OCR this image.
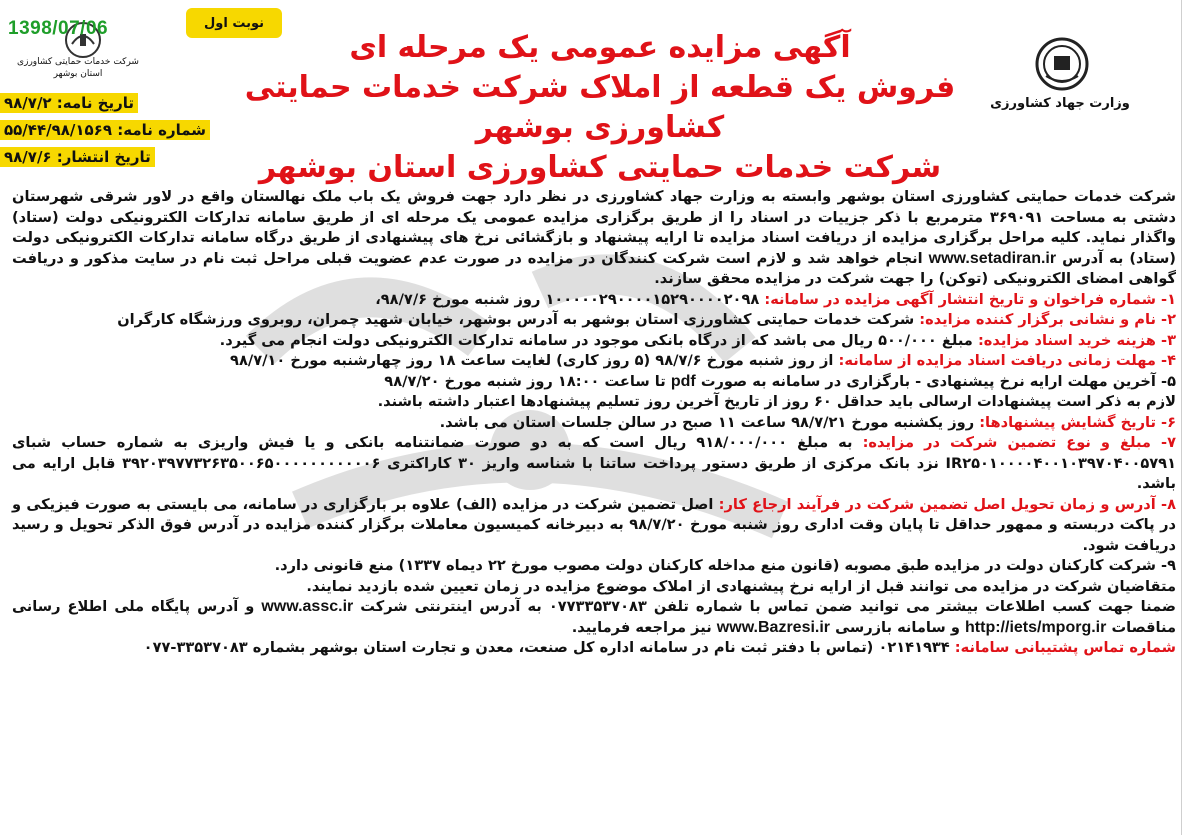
1398/07/06
شرکت خدمات حمایتی کشاورزی استان بوشهر
نوبت اول
تاریخ نامه: ۹۸/۷/۲
شماره نامه: ۵۵/۴۴/۹۸/۱۵۶۹
تاریخ انتشار: ۹۸/۷/۶
آگهی مزایده عمومی یک مرحله ای
فروش یک قطعه از املاک شرکت خدمات حمایتی کشاورزی بوشهر
شرکت خدمات حمایتی کشاورزی استان بوشهر
وزارت جهاد کشاورزی

شرکت خدمات حمایتی کشاورزی استان بوشهر وابسته به وزارت جهاد کشاورزی در نظر دارد جهت فروش یک باب ملک نهالستان واقع در لاور شرقی شهرستان دشتی به مساحت ۳۶۹۰۹۱ مترمربع با ذکر جزییات در اسناد را از طریق برگزاری مزایده عمومی یک مرحله ای از طریق سامانه تدارکات الکترونیکی دولت (ستاد) واگذار نماید. کلیه مراحل برگزاری مزایده از دریافت اسناد مزایده تا ارایه پیشنهاد و بازگشائی نرخ های پیشنهادی از طریق درگاه سامانه تدارکات الکترونیکی دولت (ستاد) به آدرس www.setadiran.ir انجام خواهد شد و لازم است شرکت کنندگان در مزایده در صورت عدم عضویت قبلی مراحل ثبت نام در سایت مذکور و دریافت گواهی امضای الکترونیکی (توکن) را جهت شرکت در مزایده محقق سازند.

۱- شماره فراخوان و تاریخ انتشار آگهی مزایده در سامانه: ۱۰۰۰۰۰۲۹۰۰۰۰۱۵۲۹۰۰۰۰۲۰۹۸ روز شنبه مورخ ۹۸/۷/۶،

۲- نام و نشانی برگزار کننده مزایده: شرکت خدمات حمایتی کشاورزی استان بوشهر به آدرس بوشهر، خیابان شهید چمران، روبروی ورزشگاه کارگران

۳- هزینه خرید اسناد مزایده: مبلغ ۵۰۰/۰۰۰ ریال می باشد که از درگاه بانکی موجود در سامانه تدارکات الکترونیکی دولت انجام می گیرد.

۴- مهلت زمانی دریافت اسناد مزایده از سامانه: از روز شنبه مورخ ۹۸/۷/۶ (۵ روز کاری) لغایت ساعت ۱۸ روز چهارشنبه مورخ ۹۸/۷/۱۰

۵- آخرین مهلت ارایه نرخ پیشنهادی - بارگزاری در سامانه به صورت pdf تا ساعت ۱۸:۰۰ روز شنبه مورخ ۹۸/۷/۲۰

لازم به ذکر است پیشنهادات ارسالی باید حداقل ۶۰ روز از تاریخ آخرین روز تسلیم پیشنهادها اعتبار داشته باشند.

۶- تاریخ گشایش پیشنهادها: روز یکشنبه مورخ ۹۸/۷/۲۱ ساعت ۱۱ صبح در سالن جلسات استان می باشد.

۷- مبلغ و نوع تضمین شرکت در مزایده: به مبلغ ۹۱۸/۰۰۰/۰۰۰ ریال است که به دو صورت ضمانتنامه بانکی و یا فیش واریزی به شماره حساب شبای IR۲۵۰۱۰۰۰۰۴۰۰۱۰۳۹۷۰۴۰۰۵۷۹۱ نزد بانک مرکزی از طریق دستور پرداخت ساتنا با شناسه واریز ۳۰ کاراکتری ۳۹۲۰۳۹۷۷۳۲۶۳۵۰۰۶۵۰۰۰۰۰۰۰۰۰۰۰۶ قابل ارایه می باشد.

۸- آدرس و زمان تحویل اصل تضمین شرکت در فرآیند ارجاع کار: اصل تضمین شرکت در مزایده (الف) علاوه بر بارگزاری در سامانه، می بایستی به صورت فیزیکی و در پاکت دربسته و ممهور حداقل تا پایان وقت اداری روز شنبه مورخ ۹۸/۷/۲۰ به دبیرخانه کمیسیون معاملات برگزار کننده مزایده در آدرس فوق الذکر تحویل و رسید دریافت شود.

۹- شرکت کارکنان دولت در مزایده طبق مصوبه (قانون منع مداخله کارکنان دولت مصوب مورخ ۲۲ دیماه ۱۳۳۷) منع قانونی دارد.

متقاضیان شرکت در مزایده می توانند قبل از ارایه نرخ پیشنهادی از املاک موضوع مزایده در زمان تعیین شده بازدید نمایند.

ضمنا جهت کسب اطلاعات بیشتر می توانید ضمن تماس با شماره تلفن ۰۷۷۳۳۵۳۷۰۸۳ به آدرس اینترنتی شرکت www.assc.ir و آدرس پایگاه ملی اطلاع رسانی مناقصات http://iets/mporg.ir و سامانه بازرسی www.Bazresi.ir نیز مراجعه فرمایید.

شماره تماس پشتیبانی سامانه: ۰۲۱۴۱۹۳۴ (تماس با دفتر ثبت نام در سامانه اداره کل صنعت، معدن و تجارت استان بوشهر بشماره ۳۳۵۳۷۰۸۳-۰۷۷
